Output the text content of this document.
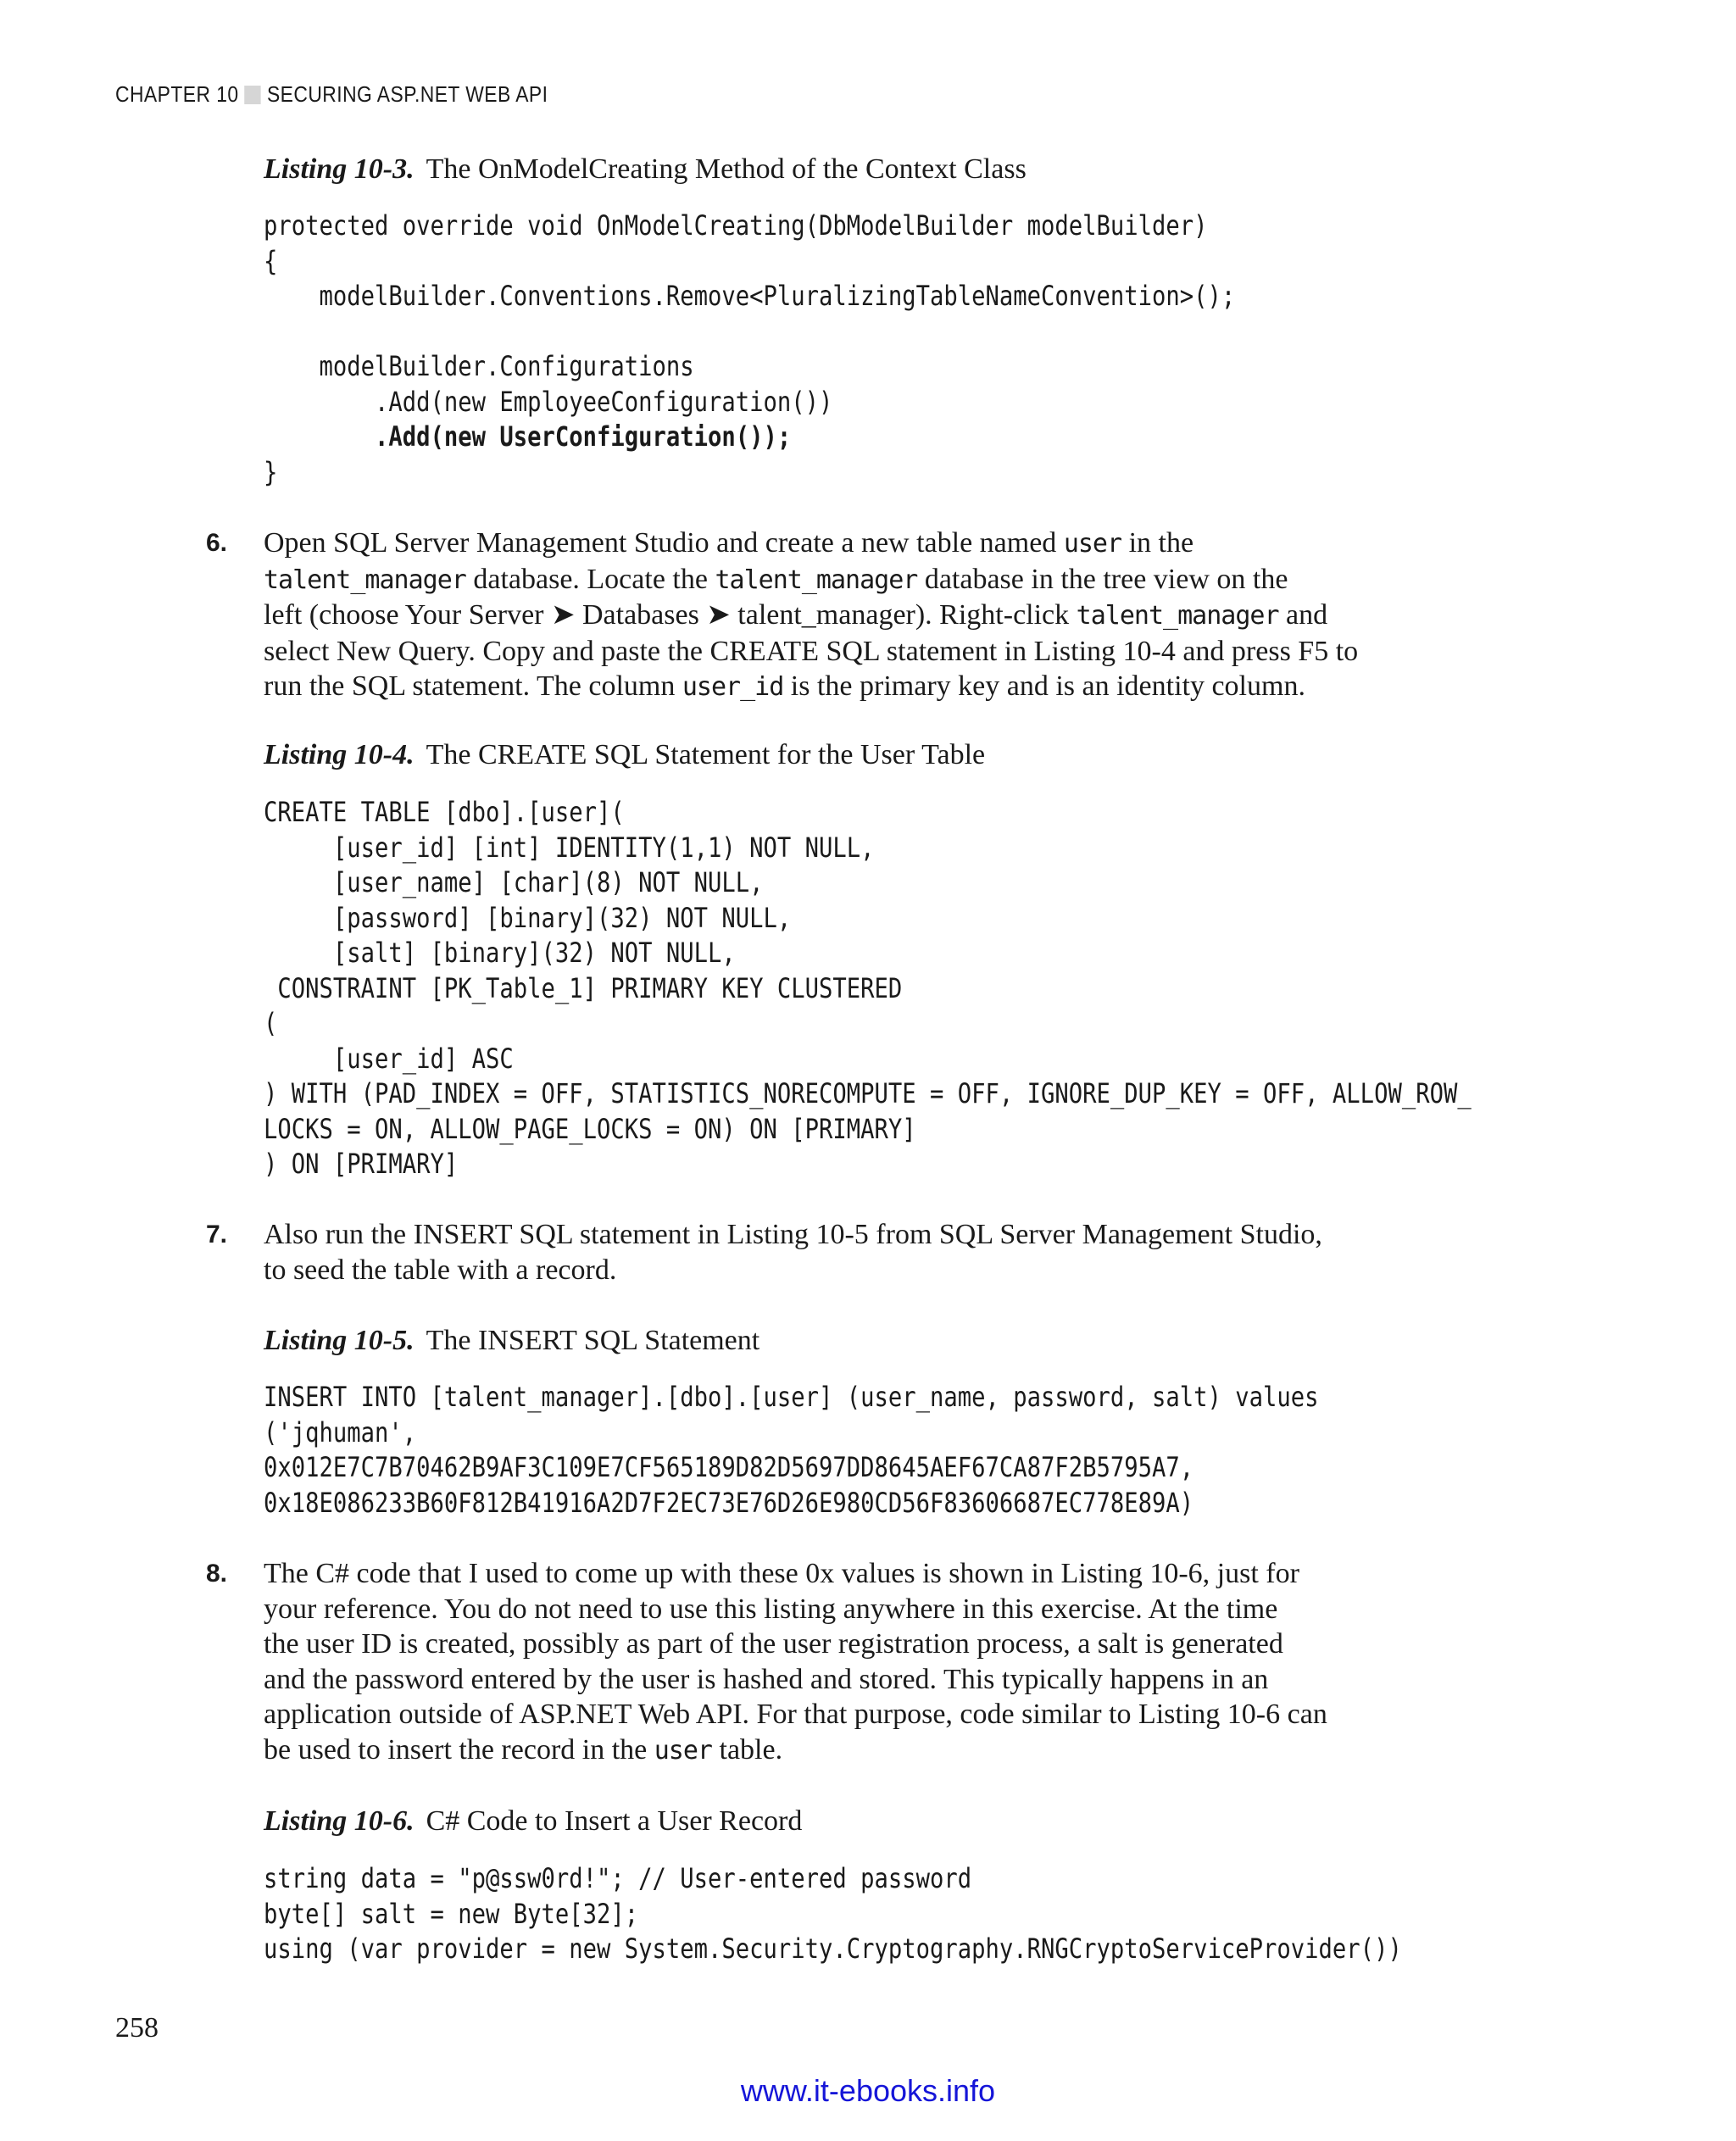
CHAPTER 10 SECURING ASP.NET WEB API
Listing 10-3. The OnModelCreating Method of the Context Class
protected override void OnModelCreating(DbModelBuilder modelBuilder)
{
modelBuilder.Conventions.Remove<PluralizingTableNameConvention>();

modelBuilder.Configurations
.Add(new EmployeeConfiguration())
.Add(new UserConfiguration());
}
6. Open SQL Server Management Studio and create a new table named user in the
talent_manager database. Locate the talent_manager database in the tree view on the
left (choose Your Server ➤ Databases ➤ talent_manager). Right-click talent_manager and
select New Query. Copy and paste the CREATE SQL statement in Listing 10-4 and press F5 to
run the SQL statement. The column user_id is the primary key and is an identity column.
Listing 10-4. The CREATE SQL Statement for the User Table
CREATE TABLE [dbo].[user](
[user_id] [int] IDENTITY(1,1) NOT NULL,
[user_name] [char](8) NOT NULL,
[password] [binary](32) NOT NULL,
[salt] [binary](32) NOT NULL,
CONSTRAINT [PK_Table_1] PRIMARY KEY CLUSTERED
(
[user_id] ASC
) WITH (PAD_INDEX = OFF, STATISTICS_NORECOMPUTE = OFF, IGNORE_DUP_KEY = OFF, ALLOW_ROW_
LOCKS = ON, ALLOW_PAGE_LOCKS = ON) ON [PRIMARY]
) ON [PRIMARY]
7. Also run the INSERT SQL statement in Listing 10-5 from SQL Server Management Studio,
to seed the table with a record.
Listing 10-5. The INSERT SQL Statement
INSERT INTO [talent_manager].[dbo].[user] (user_name, password, salt) values
('jqhuman',
0x012E7C7B70462B9AF3C109E7CF565189D82D5697DD8645AEF67CA87F2B5795A7,
0x18E086233B60F812B41916A2D7F2EC73E76D26E980CD56F83606687EC778E89A)
8. The C# code that I used to come up with these 0x values is shown in Listing 10-6, just for
your reference. You do not need to use this listing anywhere in this exercise. At the time
the user ID is created, possibly as part of the user registration process, a salt is generated
and the password entered by the user is hashed and stored. This typically happens in an
application outside of ASP.NET Web API. For that purpose, code similar to Listing 10-6 can
be used to insert the record in the user table.
Listing 10-6. C# Code to Insert a User Record
string data = "p@ssw0rd!"; // User-entered password
byte[] salt = new Byte[32];
using (var provider = new System.Security.Cryptography.RNGCryptoServiceProvider())
258
www.it-ebooks.info
